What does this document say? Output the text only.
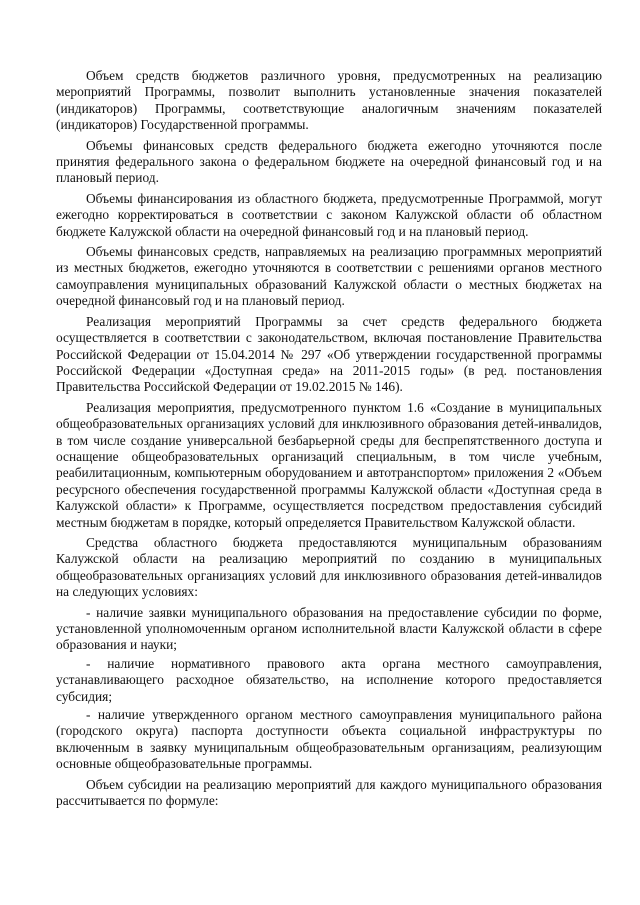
Объем средств бюджетов различного уровня, предусмотренных на реализацию мероприятий Программы, позволит выполнить установленные значения показателей (индикаторов) Программы, соответствующие аналогичным значениям показателей (индикаторов) Государственной программы.

Объемы финансовых средств федерального бюджета ежегодно уточняются после принятия федерального закона о федеральном бюджете на очередной финансовый год и на плановый период.

Объемы финансирования из областного бюджета, предусмотренные Программой, могут ежегодно корректироваться в соответствии с законом Калужской области об областном бюджете Калужской области на очередной финансовый год и на плановый период.

Объемы финансовых средств, направляемых на реализацию программных мероприятий из местных бюджетов, ежегодно уточняются в соответствии с решениями органов местного самоуправления муниципальных образований Калужской области о местных бюджетах на очередной финансовый год и на плановый период.

Реализация мероприятий Программы за счет средств федерального бюджета осуществляется в соответствии с законодательством, включая постановление Правительства Российской Федерации от 15.04.2014 № 297 «Об утверждении государственной программы Российской Федерации «Доступная среда» на 2011-2015 годы» (в ред. постановления Правительства Российской Федерации от 19.02.2015 № 146).

Реализация мероприятия, предусмотренного пунктом 1.6 «Создание в муниципальных общеобразовательных организациях условий для инклюзивного образования детей-инвалидов, в том числе создание универсальной безбарьерной среды для беспрепятственного доступа и оснащение общеобразовательных организаций специальным, в том числе учебным, реабилитационным, компьютерным оборудованием и автотранспортом» приложения 2 «Объем ресурсного обеспечения государственной программы Калужской области «Доступная среда в Калужской области» к Программе, осуществляется посредством предоставления субсидий местным бюджетам в порядке, который определяется Правительством Калужской области.

Средства областного бюджета предоставляются муниципальным образованиям Калужской области на реализацию мероприятий по созданию в муниципальных общеобразовательных организациях условий для инклюзивного образования детей-инвалидов на следующих условиях:

- наличие заявки муниципального образования на предоставление субсидии по форме, установленной уполномоченным органом исполнительной власти Калужской области в сфере образования и науки;

- наличие нормативного правового акта органа местного самоуправления, устанавливающего расходное обязательство, на исполнение которого предоставляется субсидия;

- наличие утвержденного органом местного самоуправления муниципального района (городского округа) паспорта доступности объекта социальной инфраструктуры по включенным в заявку муниципальным общеобразовательным организациям, реализующим основные общеобразовательные программы.

Объем субсидии на реализацию мероприятий для каждого муниципального образования рассчитывается по формуле:
